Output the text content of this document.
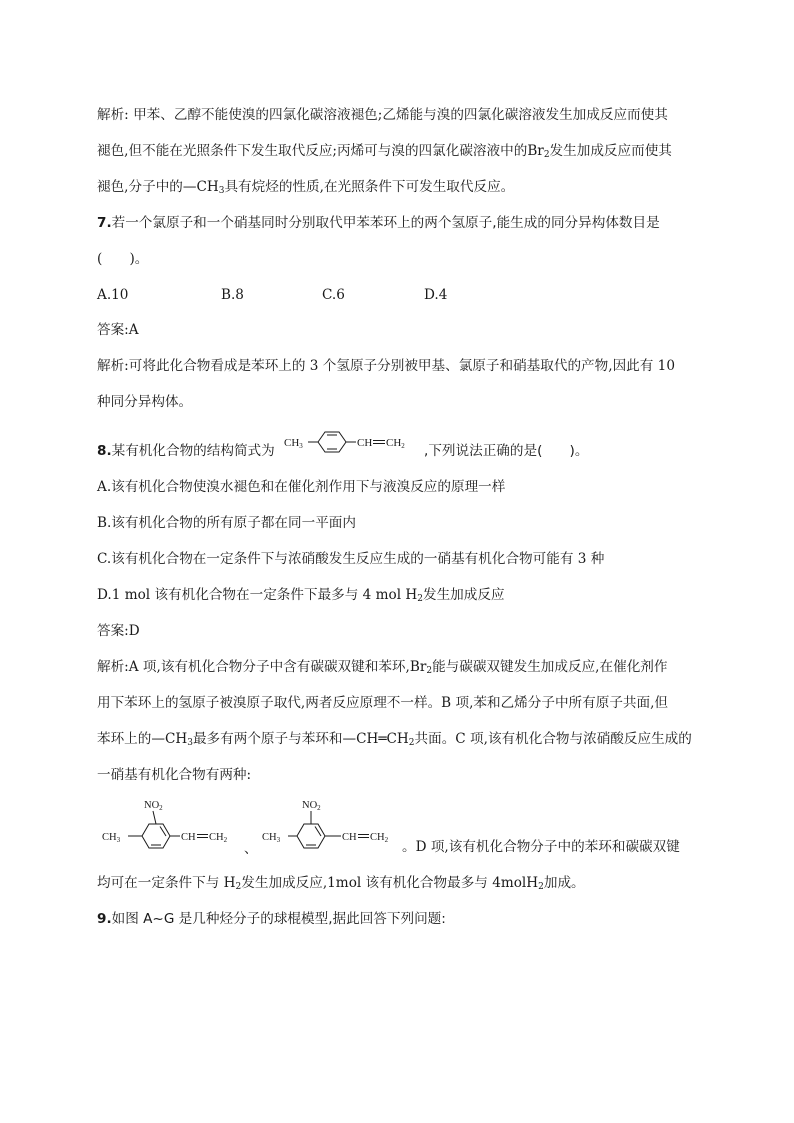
解析: 甲苯、乙醇不能使溴的四氯化碳溶液褪色;乙烯能与溴的四氯化碳溶液发生加成反应而使其
褪色,但不能在光照条件下发生取代反应;丙烯可与溴的四氯化碳溶液中的$Br_2$发生加成反应而使其
褪色,分子中的$—CH_3$具有烷烃的性质,在光照条件下可发生取代反应。
7.若一个氯原子和一个硝基同时分别取代甲苯苯环上的两个氢原子,能生成的同分异构体数目是
(　　)。
A.10	B.8	C.6	D.4
答案:A
解析:可将此化合物看成是苯环上的 3 个氢原子分别被甲基、氯原子和硝基取代的产物,因此有 10
种同分异构体。
8.某有机化合物的结构简式为 CH3	CH CH2 ,下列说法正确的是(　　)。
A.该有机化合物使溴水褪色和在催化剂作用下与液溴反应的原理一样
B.该有机化合物的所有原子都在同一平面内
C.该有机化合物在一定条件下与浓硝酸发生反应生成的一硝基有机化合物可能有 3 种
D.1 mol 该有机化合物在一定条件下最多与 4 mol $H_2$发生加成反应
答案:D
解析:A 项,该有机化合物分子中含有碳碳双键和苯环$,Br_2$能与碳碳双键发生加成反应,在催化剂作
用下苯环上的氢原子被溴原子取代,两者反应原理不一样。B 项,苯和乙烯分子中所有原子共面,但
苯环上的$—CH_3$最多有两个原子与苯环和$—CH═CH_2$共面。C 项,该有机化合物与浓硝酸反应生成的
一硝基有机化合物有两种:
NO2
CH3	CH CH2
、
NO2
CH3	CH CH2 。D 项,该有机化合物分子中的苯环和碳碳双键
均可在一定条件下与 $H_2$发生加成反应,1mol 该有机化合物最多与 4molH$_2$加成。
9.如图 A~G 是几种烃分子的球棍模型,据此回答下列问题:
